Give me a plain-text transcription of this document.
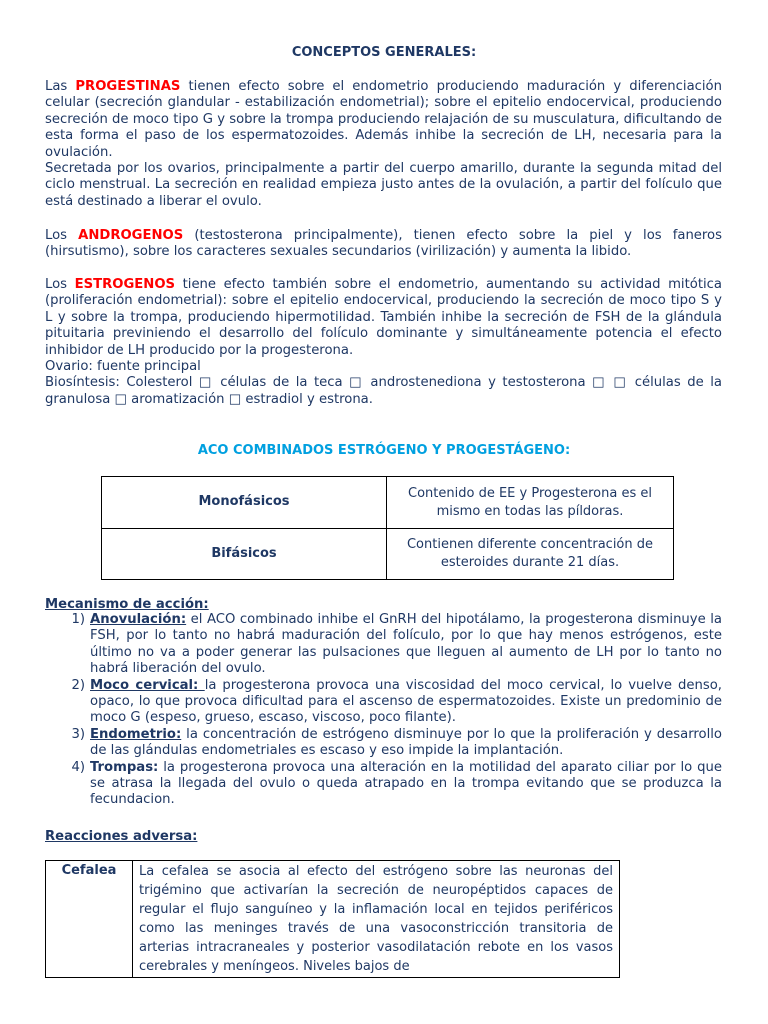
CONCEPTOS GENERALES:

Las PROGESTINAS tienen efecto sobre el endometrio produciendo maduración y diferenciación celular (secreción glandular - estabilización endometrial); sobre el epitelio endocervical, produciendo secreción de moco tipo G y sobre la trompa produciendo relajación de su musculatura, dificultando de esta forma el paso de los espermatozoides. Además inhibe la secreción de LH, necesaria para la ovulación.
Secretada por los ovarios, principalmente a partir del cuerpo amarillo, durante la segunda mitad del ciclo menstrual. La secreción en realidad empieza justo antes de la ovulación, a partir del folículo que está destinado a liberar el ovulo.

Los ANDROGENOS (testosterona principalmente), tienen efecto sobre la piel y los faneros (hirsutismo), sobre los caracteres sexuales secundarios (virilización) y aumenta la libido.

Los ESTROGENOS tiene efecto también sobre el endometrio, aumentando su actividad mitótica (proliferación endometrial): sobre el epitelio endocervical, produciendo la secreción de moco tipo S y L y sobre la trompa, produciendo hipermotilidad. También inhibe la secreción de FSH de la glándula pituitaria previniendo el desarrollo del folículo dominante y simultáneamente potencia el efecto inhibidor de LH producido por la progesterona.
Ovario: fuente principal
Biosíntesis: Colesterol □ células de la teca □ androstenediona y testosterona □ □ células de la granulosa □ aromatización □ estradiol y estrona.

ACO COMBINADOS ESTRÓGENO Y PROGESTÁGENO:
Monofásicos	Contenido de EE y Progesterona es el mismo en todas las píldoras.
Bifásicos	Contienen diferente concentración de esteroides durante 21 días.
Mecanismo de acción:
1) Anovulación: el ACO combinado inhibe el GnRH del hipotálamo, la progesterona disminuye la FSH, por lo tanto no habrá maduración del folículo, por lo que hay menos estrógenos, este último no va a poder generar las pulsaciones que lleguen al aumento de LH por lo tanto no habrá liberación del ovulo.
2) Moco cervical: la progesterona provoca una viscosidad del moco cervical, lo vuelve denso, opaco, lo que provoca dificultad para el ascenso de espermatozoides. Existe un predominio de moco G (espeso, grueso, escaso, viscoso, poco filante).
3) Endometrio: la concentración de estrógeno disminuye por lo que la proliferación y desarrollo de las glándulas endometriales es escaso y eso impide la implantación.
4) Trompas: la progesterona provoca una alteración en la motilidad del aparato ciliar por lo que se atrasa la llegada del ovulo o queda atrapado en la trompa evitando que se produzca la fecundacion.
Reacciones adversa:
Cefalea	La cefalea se asocia al efecto del estrógeno sobre las neuronas del trigémino que activarían la secreción de neuropéptidos capaces de regular el flujo sanguíneo y la inflamación local en tejidos periféricos como las meninges través de una vasoconstricción transitoria de arterias intracraneales y posterior vasodilatación rebote en los vasos cerebrales y meníngeos. Niveles bajos de
